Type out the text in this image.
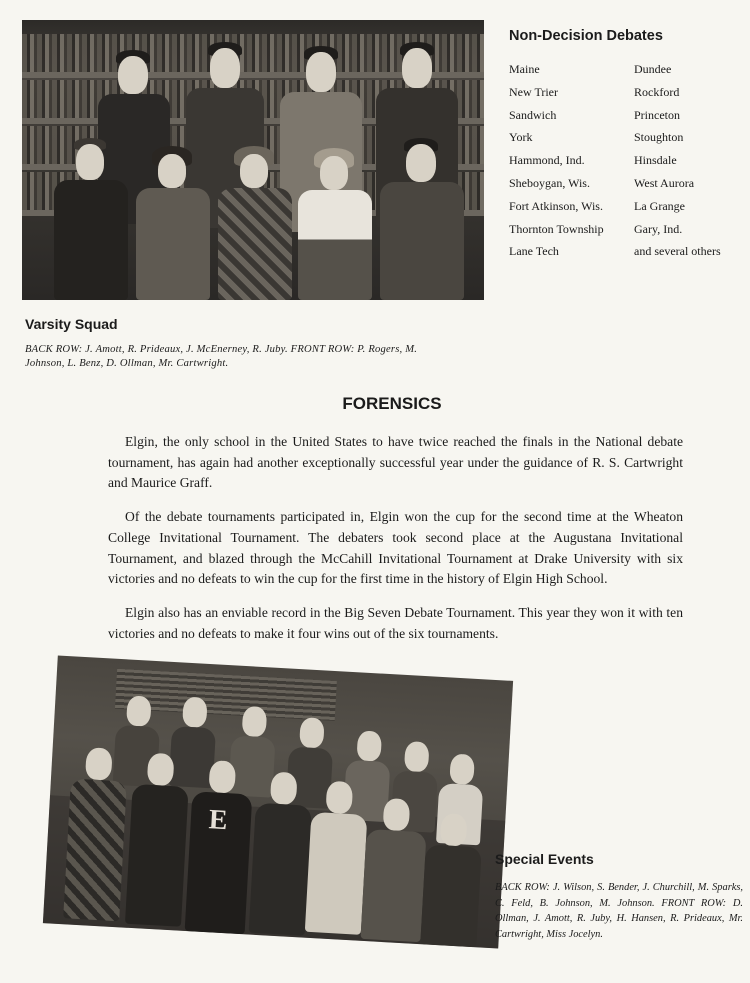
Non-Decision Debates
Maine	Dundee
New Trier	Rockford
Sandwich	Princeton
York	Stoughton
Hammond, Ind.	Hinsdale
Sheboygan, Wis.	West Aurora
Fort Atkinson, Wis.	La Grange
Thornton Township	Gary, Ind.
Lane Tech	and several others
Varsity Squad
BACK ROW: J. Amott, R. Prideaux, J. McEnerney, R. Juby. FRONT ROW: P. Rogers, M. Johnson, L. Benz, D. Ollman, Mr. Cartwright.
FORENSICS

Elgin, the only school in the United States to have twice reached the finals in the National debate tournament, has again had another exceptionally successful year under the guidance of R. S. Cartwright and Maurice Graff.

Of the debate tournaments participated in, Elgin won the cup for the second time at the Wheaton College Invitational Tournament. The debaters took second place at the Augustana Invitational Tournament, and blazed through the McCahill Invitational Tournament at Drake University with six victories and no defeats to win the cup for the first time in the history of Elgin High School.

Elgin also has an enviable record in the Big Seven Debate Tournament. This year they won it with ten victories and no defeats to make it four wins out of the six tournaments.

E
Special Events
BACK ROW: J. Wilson, S. Bender, J. Churchill, M. Sparks, C. Feld, B. Johnson, M. Johnson. FRONT ROW: D. Ollman, J. Amott, R. Juby, H. Hansen, R. Prideaux, Mr. Cartwright, Miss Jocelyn.
